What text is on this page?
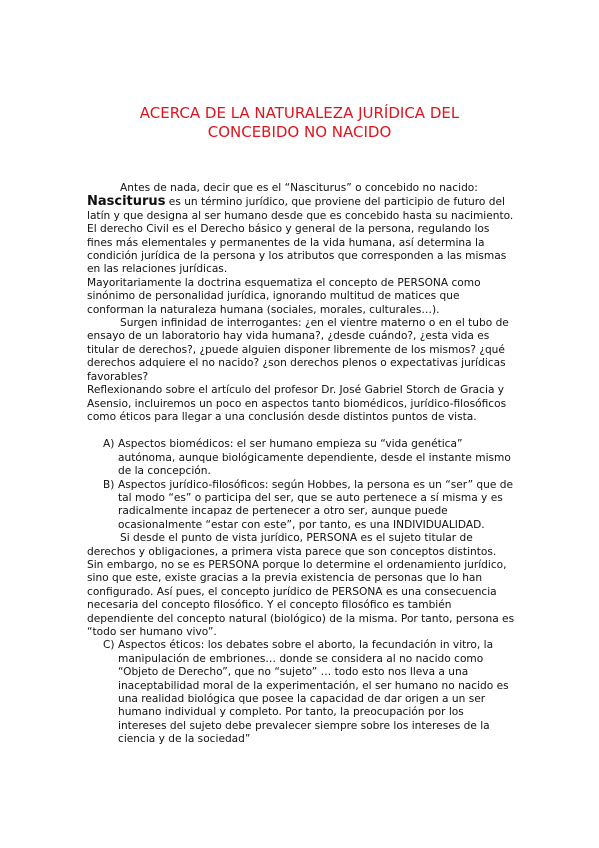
ACERCA DE LA NATURALEZA JURÍDICA DEL
CONCEBIDO NO NACIDO

Antes de nada, decir que es el “Nasciturus” o concebido no nacido:

Nasciturus es un término jurídico, que proviene del participio de futuro del latín y que designa al ser humano desde que es concebido hasta su nacimiento.

El derecho Civil es el Derecho básico y general de la persona, regulando los fines más elementales y permanentes de la vida humana, así determina la condición jurídica de la persona y los atributos que corresponden a las mismas en las relaciones jurídicas.

Mayoritariamente la doctrina esquematiza el concepto de PERSONA como sinónimo de personalidad jurídica, ignorando multitud de matices que conforman la naturaleza humana (sociales, morales, culturales…).

Surgen infinidad de interrogantes: ¿en el vientre materno o en el tubo de ensayo de un laboratorio hay vida humana?, ¿desde cuándo?, ¿esta vida es titular de derechos?, ¿puede alguien disponer libremente de los mismos? ¿qué derechos adquiere el no nacido? ¿son derechos plenos o expectativas jurídicas favorables?

Reflexionando sobre el artículo del profesor Dr. José Gabriel Storch de Gracia y Asensio, incluiremos un poco en aspectos tanto biomédicos, jurídico-filosóficos como éticos para llegar a una conclusión desde distintos puntos de vista.

A) Aspectos biomédicos: el ser humano empieza su “vida genética” autónoma, aunque biológicamente dependiente, desde el instante mismo de la concepción.
B) Aspectos jurídico-filosóficos: según Hobbes, la persona es un “ser” que de tal modo “es” o participa del ser, que se auto pertenece a sí misma y es radicalmente incapaz de pertenecer a otro ser, aunque puede ocasionalmente “estar con este”, por tanto, es una INDIVIDUALIDAD.

Si desde el punto de vista jurídico, PERSONA es el sujeto titular de derechos y obligaciones, a primera vista parece que son conceptos distintos. Sin embargo, no se es PERSONA porque lo determine el ordenamiento jurídico, sino que este, existe gracias a la previa existencia de personas que lo han configurado. Así pues, el concepto jurídico de PERSONA es una consecuencia necesaria del concepto filosófico. Y el concepto filosófico es también dependiente del concepto natural (biológico) de la misma. Por tanto, persona es “todo ser humano vivo”.

C) Aspectos éticos: los debates sobre el aborto, la fecundación in vitro, la manipulación de embriones… donde se considera al no nacido como “Objeto de Derecho”, que no “sujeto” … todo esto nos lleva a una inaceptabilidad moral de la experimentación, el ser humano no nacido es una realidad biológica que posee la capacidad de dar origen a un ser humano individual y completo. Por tanto, la preocupación por los intereses del sujeto debe prevalecer siempre sobre los intereses de la ciencia y de la sociedad”
